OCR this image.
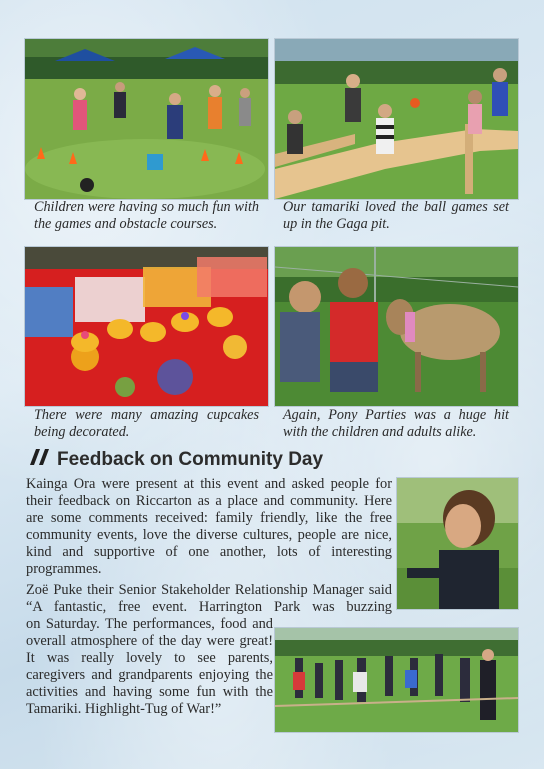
Children were having so much fun with the games and obstacle courses.

Our tamariki loved the ball games set up in the Gaga pit.

There were many amazing cupcakes being decorated.

Again, Pony Parties was a huge hit with the children and adults alike.

Feedback on Community Day

Kainga Ora were present at this event and asked people for their feedback on Riccarton as a place and community. Here are some comments received: family friendly, like the free community events, love the diverse cultures, people are nice, kind and supportive of one another, lots of interesting programmes.

Zoë Puke their Senior Stakeholder Relationship Manager said “A fantastic, free event. Harrington Park was buzzing

on Saturday. The performances, food and overall atmosphere of the day were great! It was really lovely to see parents, caregivers and grandparents enjoying the activities and having some fun with the Tamariki. Highlight-Tug of War!”
